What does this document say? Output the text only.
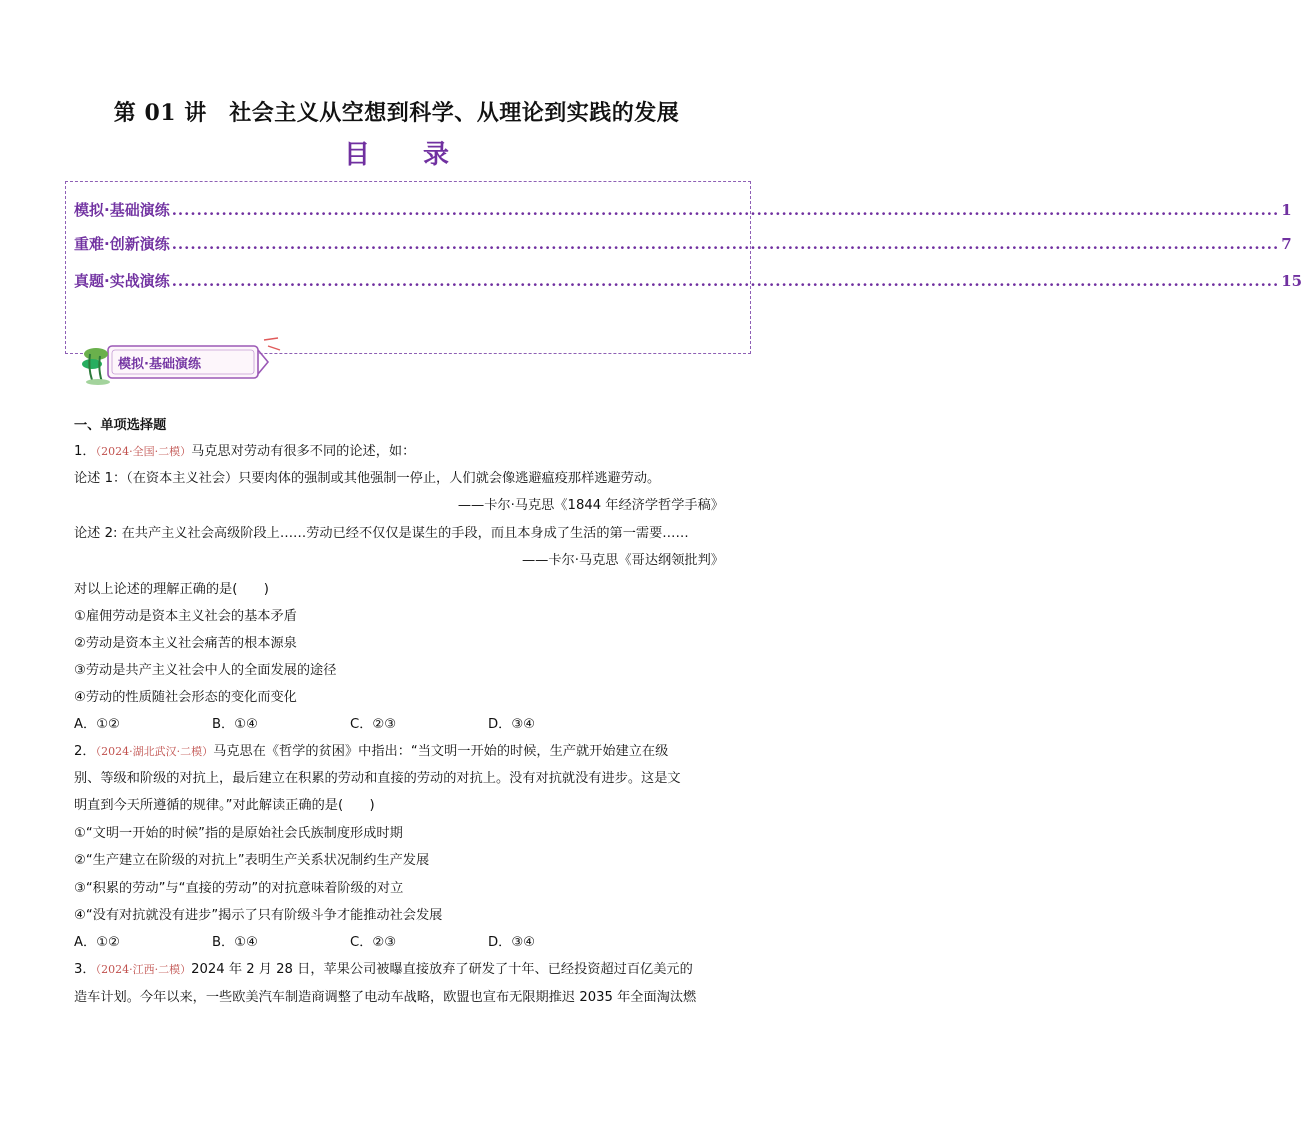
第 01 讲　社会主义从空想到科学、从理论到实践的发展
目 录
模拟·基础演练 .................................................................................................................................................................................. 1
重难·创新演练 .................................................................................................................................................................................. 7
真题·实战演练 .................................................................................................................................................................................. 15
模拟·基础演练
一、单项选择题
1．（2024·全国·二模）马克思对劳动有很多不同的论述，如：
论述 1：（在资本主义社会）只要肉体的强制或其他强制一停止，人们就会像逃避瘟疫那样逃避劳动。
——卡尔·马克思《1844 年经济学哲学手稿》
论述 2: 在共产主义社会高级阶段上……劳动已经不仅仅是谋生的手段，而且本身成了生活的第一需要……
——卡尔·马克思《哥达纲领批判》
对以上论述的理解正确的是(　　)
①雇佣劳动是资本主义社会的基本矛盾
②劳动是资本主义社会痛苦的根本源泉
③劳动是共产主义社会中人的全面发展的途径
④劳动的性质随社会形态的变化而变化
A．①②	B．①④	C．②③	D．③④
2．（2024·湖北武汉·二模）马克思在《哲学的贫困》中指出：“当文明一开始的时候，生产就开始建立在级
别、等级和阶级的对抗上，最后建立在积累的劳动和直接的劳动的对抗上。没有对抗就没有进步。这是文
明直到今天所遵循的规律。”对此解读正确的是(　　)
①“文明一开始的时候”指的是原始社会氏族制度形成时期
②“生产建立在阶级的对抗上”表明生产关系状况制约生产发展
③“积累的劳动”与“直接的劳动”的对抗意味着阶级的对立
④“没有对抗就没有进步”揭示了只有阶级斗争才能推动社会发展
A．①②	B．①④	C．②③	D．③④
3．（2024·江西·二模）2024 年 2 月 28 日，苹果公司被曝直接放弃了研发了十年、已经投资超过百亿美元的
造车计划。今年以来，一些欧美汽车制造商调整了电动车战略，欧盟也宣布无限期推迟 2035 年全面淘汰燃
